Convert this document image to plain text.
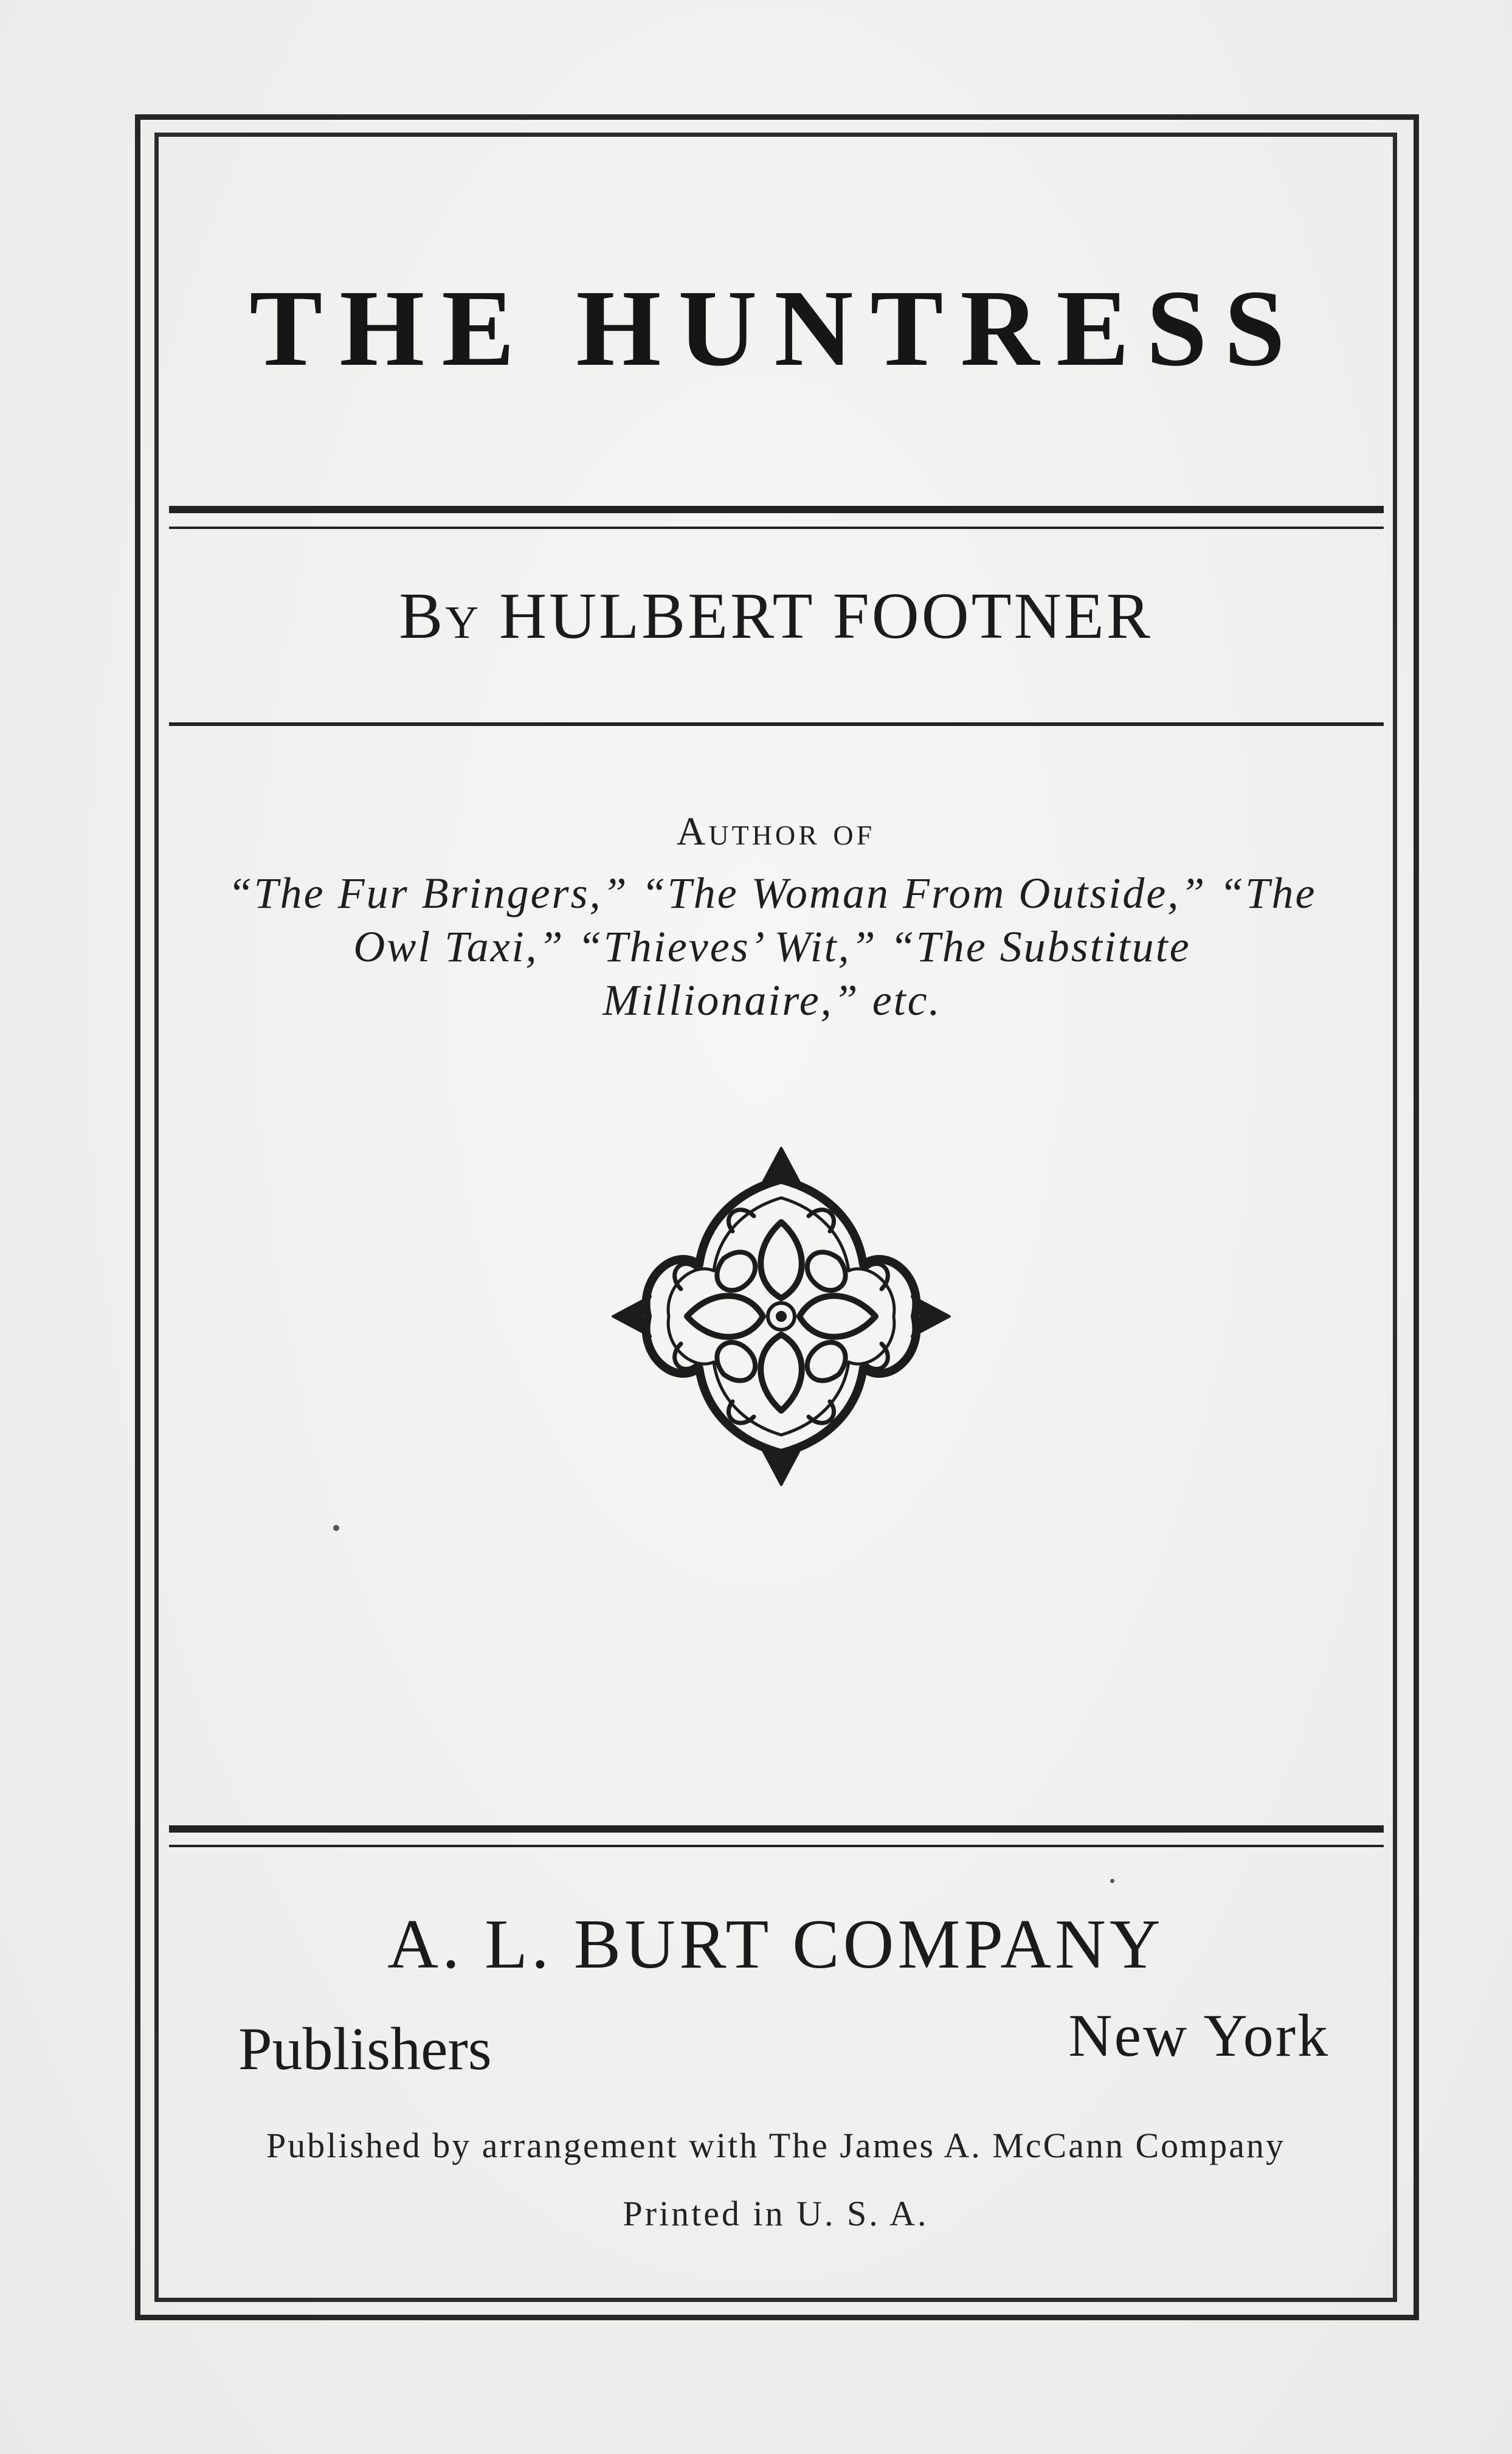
THE HUNTRESS
By HULBERT FOOTNER
Author of
“The Fur Bringers,” “The Woman From Outside,” “The
Owl Taxi,” “Thieves’ Wit,” “The Substitute
Millionaire,” etc.
A. L. BURT COMPANY
Publishers	New York
Published by arrangement with The James A. McCann Company
Printed in U. S. A.
